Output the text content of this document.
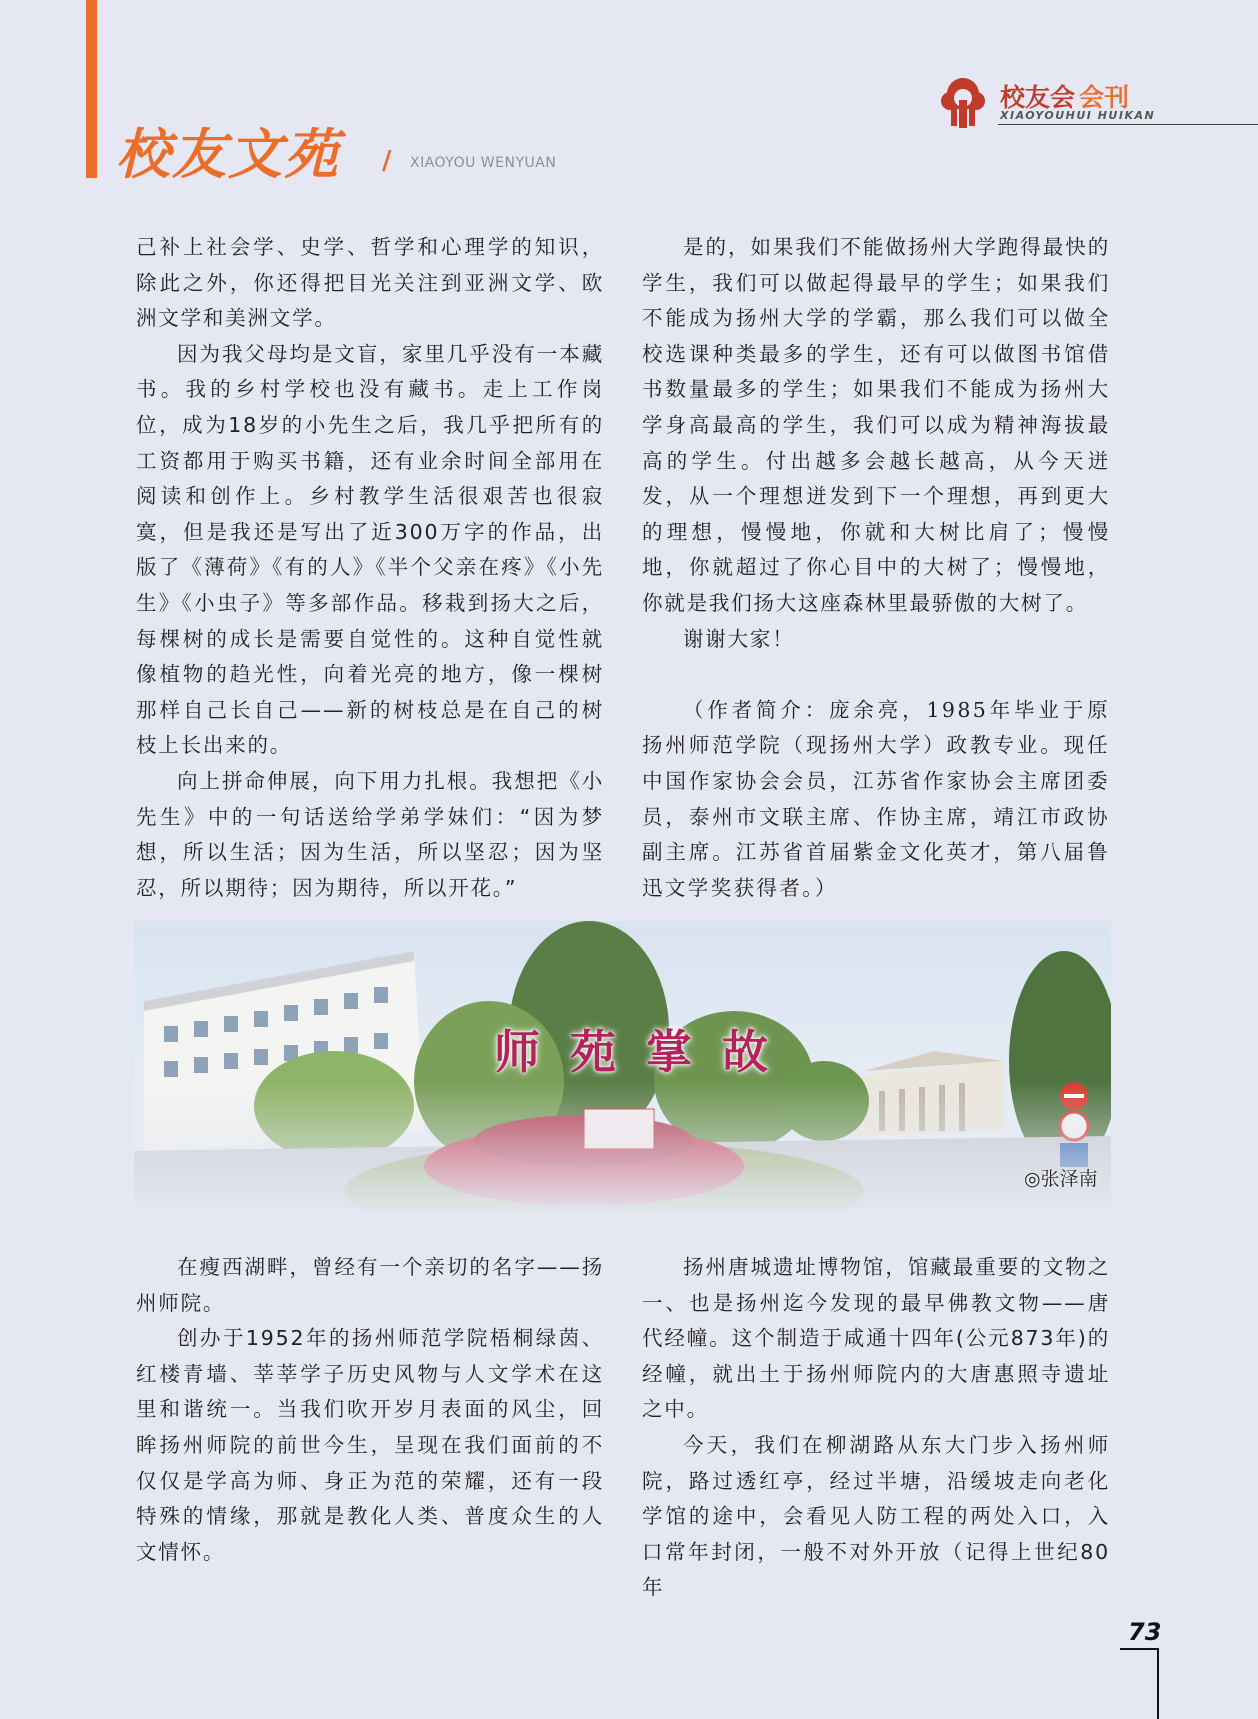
校友文苑 / XIAOYOU WENYUAN
校友会 会刊
XIAOYOUHUI HUIKAN

己补上社会学、史学、哲学和心理学的知识，除此之外，你还得把目光关注到亚洲文学、欧洲文学和美洲文学。

因为我父母均是文盲，家里几乎没有一本藏书。我的乡村学校也没有藏书。走上工作岗位，成为18岁的小先生之后，我几乎把所有的工资都用于购买书籍，还有业余时间全部用在阅读和创作上。乡村教学生活很艰苦也很寂寞，但是我还是写出了近300万字的作品，出版了《薄荷》《有的人》《半个父亲在疼》《小先生》《小虫子》等多部作品。移栽到扬大之后，每棵树的成长是需要自觉性的。这种自觉性就像植物的趋光性，向着光亮的地方，像一棵树那样自己长自己——新的树枝总是在自己的树枝上长出来的。

向上拼命伸展，向下用力扎根。我想把《小先生》中的一句话送给学弟学妹们：“因为梦想，所以生活；因为生活，所以坚忍；因为坚忍，所以期待；因为期待，所以开花。”

是的，如果我们不能做扬州大学跑得最快的学生，我们可以做起得最早的学生；如果我们不能成为扬州大学的学霸，那么我们可以做全校选课种类最多的学生，还有可以做图书馆借书数量最多的学生；如果我们不能成为扬州大学身高最高的学生，我们可以成为精神海拔最高的学生。付出越多会越长越高，从今天迸发，从一个理想迸发到下一个理想，再到更大的理想，慢慢地，你就和大树比肩了；慢慢地，你就超过了你心目中的大树了；慢慢地，你就是我们扬大这座森林里最骄傲的大树了。

谢谢大家！

（作者简介：庞余亮，1985年毕业于原扬州师范学院（现扬州大学）政教专业。现任中国作家协会会员，江苏省作家协会主席团委员，泰州市文联主席、作协主席，靖江市政协副主席。江苏省首届紫金文化英才，第八届鲁迅文学奖获得者。）

师苑掌故
◎张泽南

在瘦西湖畔，曾经有一个亲切的名字——扬州师院。

创办于1952年的扬州师范学院梧桐绿茵、红楼青墙、莘莘学子历史风物与人文学术在这里和谐统一。当我们吹开岁月表面的风尘，回眸扬州师院的前世今生，呈现在我们面前的不仅仅是学高为师、身正为范的荣耀，还有一段特殊的情缘，那就是教化人类、普度众生的人文情怀。

扬州唐城遗址博物馆，馆藏最重要的文物之一、也是扬州迄今发现的最早佛教文物——唐代经幢。这个制造于咸通十四年(公元873年)的经幢，就出土于扬州师院内的大唐惠照寺遗址之中。

今天，我们在柳湖路从东大门步入扬州师院，路过透红亭，经过半塘，沿缓坡走向老化学馆的途中，会看见人防工程的两处入口，入口常年封闭，一般不对外开放（记得上世纪80年

73
